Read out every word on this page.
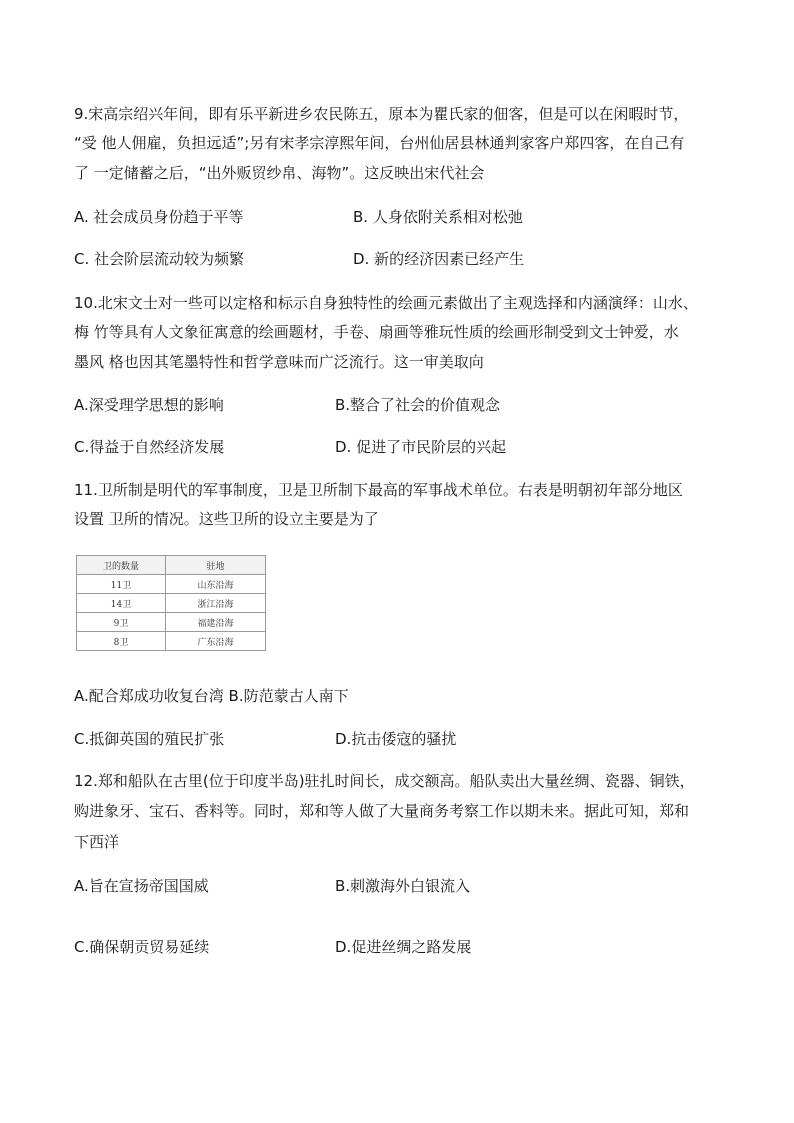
9.宋高宗绍兴年间，即有乐平新进乡农民陈五，原本为瞿氏家的佃客，但是可以在闲暇时节，
“受 他人佣雇，负担远适”;另有宋孝宗淳熙年间，台州仙居县林通判家客户郑四客，在自己有
了 一定储蓄之后，“出外贩贸纱帛、海物”。这反映出宋代社会
A. 社会成员身份趋于平等	B. 人身依附关系相对松弛
C. 社会阶层流动较为频繁	D. 新的经济因素已经产生
10.北宋文士对一些可以定格和标示自身独特性的绘画元素做出了主观选择和内涵演绎：山水、
梅 竹等具有人文象征寓意的绘画题材，手卷、扇画等雅玩性质的绘画形制受到文士钟爱，水
墨风 格也因其笔墨特性和哲学意味而广泛流行。这一审美取向
A.深受理学思想的影响	B.整合了社会的价值观念
C.得益于自然经济发展	D. 促进了市民阶层的兴起
11.卫所制是明代的军事制度，卫是卫所制下最高的军事战术单位。右表是明朝初年部分地区
设置 卫所的情况。这些卫所的设立主要是为了
卫的数量	驻地
11卫	山东沿海
14卫	浙江沿海
9卫	福建沿海
8卫	广东沿海
A.配合郑成功收复台湾 B.防范蒙古人南下
C.抵御英国的殖民扩张	D.抗击倭寇的骚扰
12.郑和船队在古里(位于印度半岛)驻扎时间长，成交额高。船队卖出大量丝绸、瓷器、铜铁，
购进象牙、宝石、香料等。同时，郑和等人做了大量商务考察工作以期未来。据此可知，郑和
下西洋
A.旨在宣扬帝国国威	B.刺激海外白银流入
C.确保朝贡贸易延续	D.促进丝绸之路发展
